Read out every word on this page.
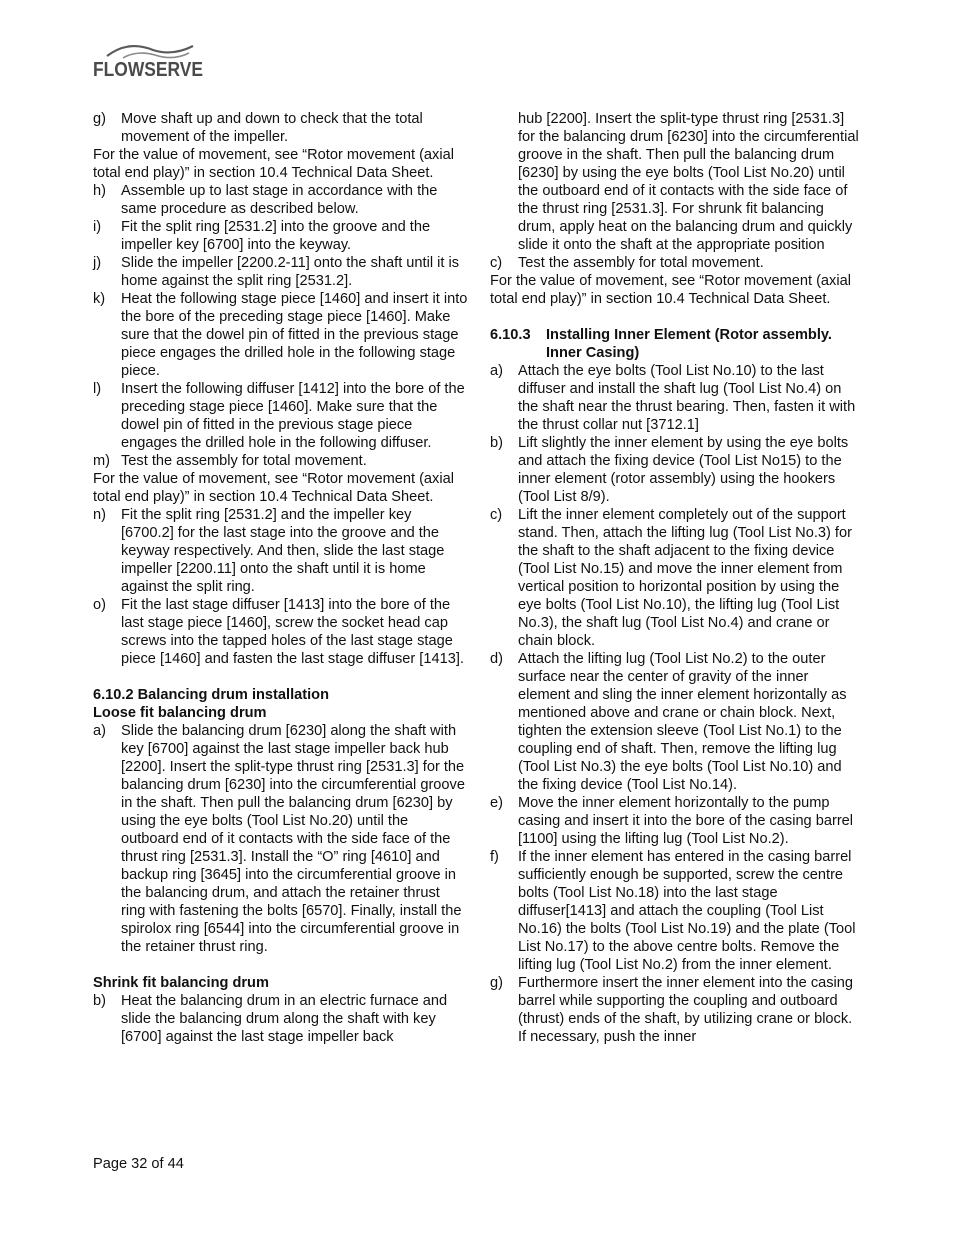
FLOWSERVE
g) Move shaft up and down to check that the total movement of the impeller.
For the value of movement, see “Rotor movement (axial total end play)” in section 10.4 Technical Data Sheet.
h) Assemble up to last stage in accordance with the same procedure as described below.
i) Fit the split ring [2531.2] into the groove and the impeller key [6700] into the keyway.
j) Slide the impeller [2200.2-11] onto the shaft until it is home against the split ring [2531.2].
k) Heat the following stage piece [1460] and insert it into the bore of the preceding stage piece [1460]. Make sure that the dowel pin of fitted in the previous stage piece engages the drilled hole in the following stage piece.
l) Insert the following diffuser [1412] into the bore of the preceding stage piece [1460]. Make sure that the dowel pin of fitted in the previous stage piece engages the drilled hole in the following diffuser.
m) Test the assembly for total movement.
For the value of movement, see “Rotor movement (axial total end play)” in section 10.4 Technical Data Sheet.
n) Fit the split ring [2531.2] and the impeller key [6700.2] for the last stage into the groove and the keyway respectively. And then, slide the last stage impeller [2200.11] onto the shaft until it is home against the split ring.
o) Fit the last stage diffuser [1413] into the bore of the last stage piece [1460], screw the socket head cap screws into the tapped holes of the last stage stage piece [1460] and fasten the last stage diffuser [1413].
6.10.2 Balancing drum installation
Loose fit balancing drum
a) Slide the balancing drum [6230] along the shaft with key [6700] against the last stage impeller back hub [2200]. Insert the split-type thrust ring [2531.3] for the balancing drum [6230] into the circumferential groove in the shaft. Then pull the balancing drum [6230] by using the eye bolts (Tool List No.20) until the outboard end of it contacts with the side face of the thrust ring [2531.3]. Install the “O” ring [4610] and backup ring [3645] into the circumferential groove in the balancing drum, and attach the retainer thrust ring with fastening the bolts [6570]. Finally, install the spirolox ring [6544] into the circumferential groove in the retainer thrust ring.
Shrink fit balancing drum
b) Heat the balancing drum in an electric furnace and slide the balancing drum along the shaft with key [6700] against the last stage impeller back
hub [2200]. Insert the split-type thrust ring [2531.3] for the balancing drum [6230] into the circumferential groove in the shaft. Then pull the balancing drum [6230] by using the eye bolts (Tool List No.20) until the outboard end of it contacts with the side face of the thrust ring [2531.3]. For shrunk fit balancing drum, apply heat on the balancing drum and quickly slide it onto the shaft at the appropriate position
c) Test the assembly for total movement.
For the value of movement, see “Rotor movement (axial total end play)” in section 10.4 Technical Data Sheet.
6.10.3 Installing Inner Element (Rotor assembly. Inner Casing)
a) Attach the eye bolts (Tool List No.10) to the last diffuser and install the shaft lug (Tool List No.4) on the shaft near the thrust bearing. Then, fasten it with the thrust collar nut [3712.1]
b) Lift slightly the inner element by using the eye bolts and attach the fixing device (Tool List No15) to the inner element (rotor assembly) using the hookers (Tool List 8/9).
c) Lift the inner element completely out of the support stand. Then, attach the lifting lug (Tool List No.3) for the shaft to the shaft adjacent to the fixing device (Tool List No.15) and move the inner element from vertical position to horizontal position by using the eye bolts (Tool List No.10), the lifting lug (Tool List No.3), the shaft lug (Tool List No.4) and crane or chain block.
d) Attach the lifting lug (Tool List No.2) to the outer surface near the center of gravity of the inner element and sling the inner element horizontally as mentioned above and crane or chain block. Next, tighten the extension sleeve (Tool List No.1) to the coupling end of shaft. Then, remove the lifting lug (Tool List No.3) the eye bolts (Tool List No.10) and the fixing device (Tool List No.14).
e) Move the inner element horizontally to the pump casing and insert it into the bore of the casing barrel [1100] using the lifting lug (Tool List No.2).
f) If the inner element has entered in the casing barrel sufficiently enough be supported, screw the centre bolts (Tool List No.18) into the last stage diffuser[1413] and attach the coupling (Tool List No.16) the bolts (Tool List No.19) and the plate (Tool List No.17) to the above centre bolts. Remove the lifting lug (Tool List No.2) from the inner element.
g) Furthermore insert the inner element into the casing barrel while supporting the coupling and outboard (thrust) ends of the shaft, by utilizing crane or block. If necessary, push the inner
Page 32 of 44
